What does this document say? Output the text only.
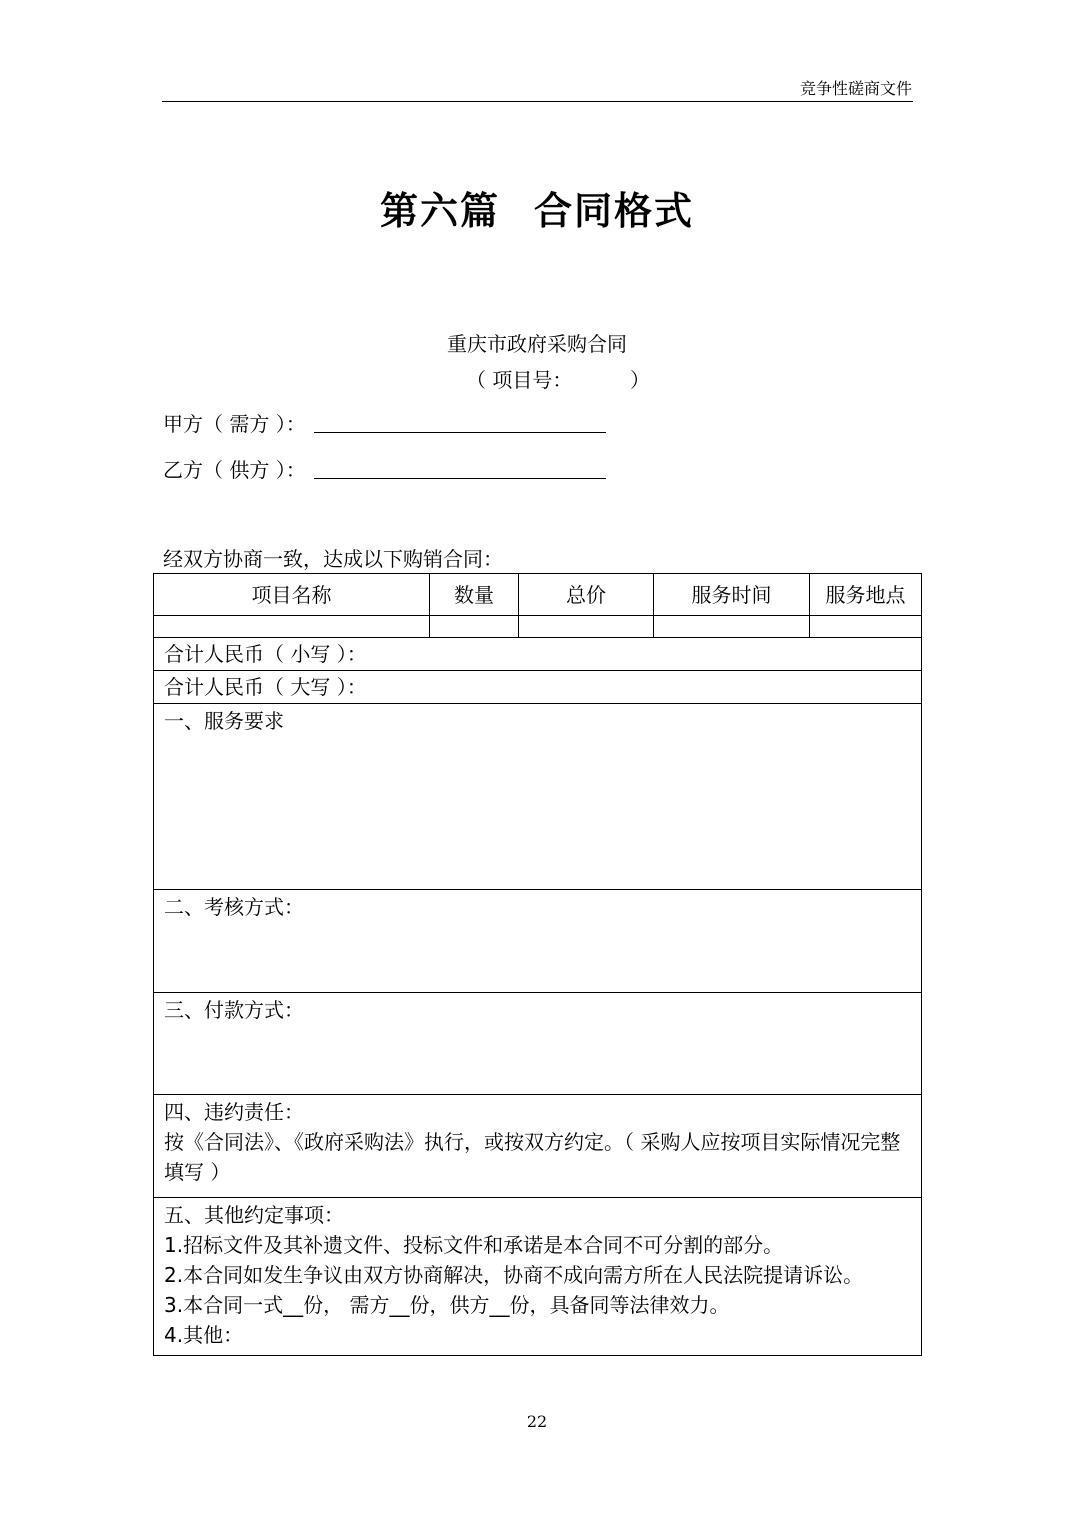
竞争性磋商文件
第六篇 合同格式
重庆市政府采购合同
（ 项目号：	）
甲方（ 需方 ）：
乙方（ 供方 ）：
经双方协商一致，达成以下购销合同：
项目名称	数量	总价	服务时间	服务地点

合计人民币（ 小写 ）：				
合计人民币（ 大写 ）：				
一、服务要求				
二、考核方式：				
三、付款方式：				

四、违约责任：
按《合同法》、《政府采购法》执行，或按双方约定。（ 采购人应按项目实际情况完整填写 ）				

五、其他约定事项：
1.招标文件及其补遗文件、投标文件和承诺是本合同不可分割的部分。
2.本合同如发生争议由双方协商解决，协商不成向需方所在人民法院提请诉讼。
3.本合同一式__份， 需方__份，供方__份，具备同等法律效力。
4.其他：				
22
